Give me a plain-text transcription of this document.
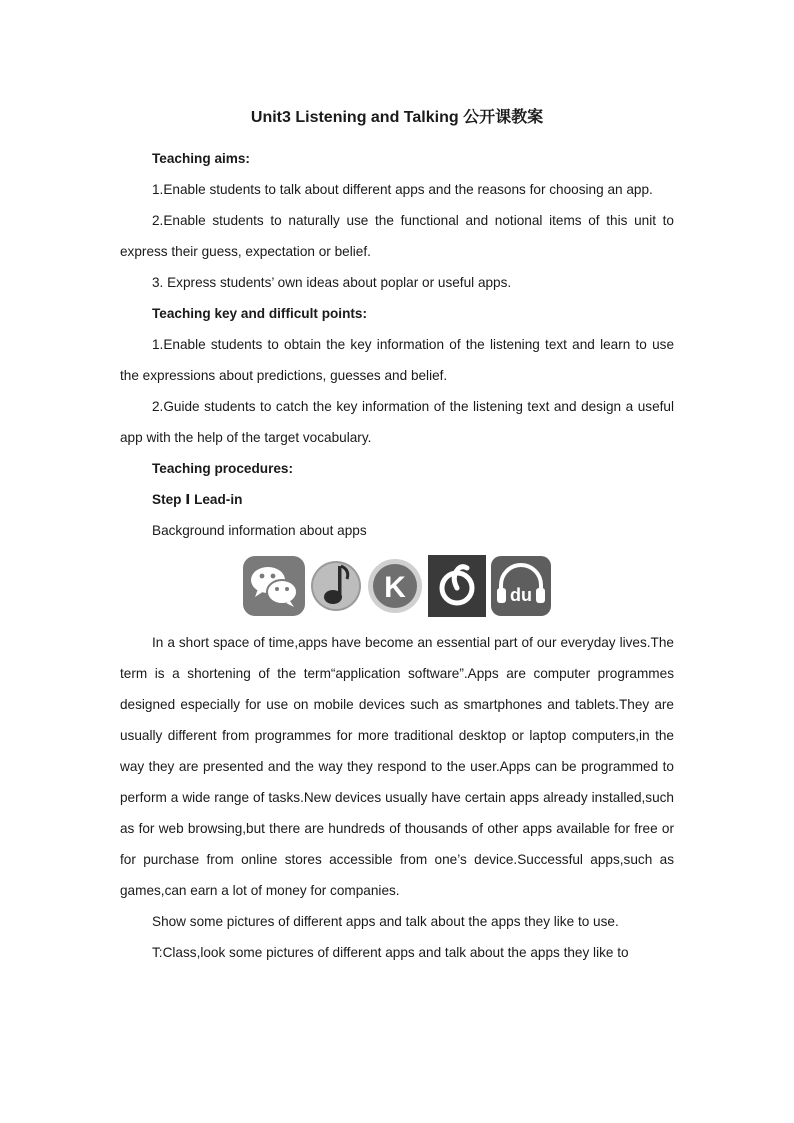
Unit3 Listening and Talking 公开课教案

Teaching aims:

1.Enable students to talk about different apps and the reasons for choosing an app.

2.Enable students to naturally use the functional and notional items of this unit to express their guess, expectation or belief.

3. Express students’ own ideas about poplar or useful apps.

Teaching key and difficult points:

1.Enable students to obtain the key information of the listening text and learn to use the expressions about predictions, guesses and belief.

2.Guide students to catch the key information of the listening text and design a useful app with the help of the target vocabulary.

Teaching procedures:

Step Ⅰ Lead-in

Background information about apps

K	du

In a short space of time,apps have become an essential part of our everyday lives.The term is a shortening of the term“application software”.Apps are computer programmes designed especially for use on mobile devices such as smartphones and tablets.They are usually different from programmes for more traditional desktop or laptop computers,in the way they are presented and the way they respond to the user.Apps can be programmed to perform a wide range of tasks.New devices usually have certain apps already installed,such as for web browsing,but there are hundreds of thousands of other apps available for free or for purchase from online stores accessible from one’s device.Successful apps,such as games,can earn a lot of money for companies.

Show some pictures of different apps and talk about the apps they like to use.

T:Class,look some pictures of different apps and talk about the apps they like to
